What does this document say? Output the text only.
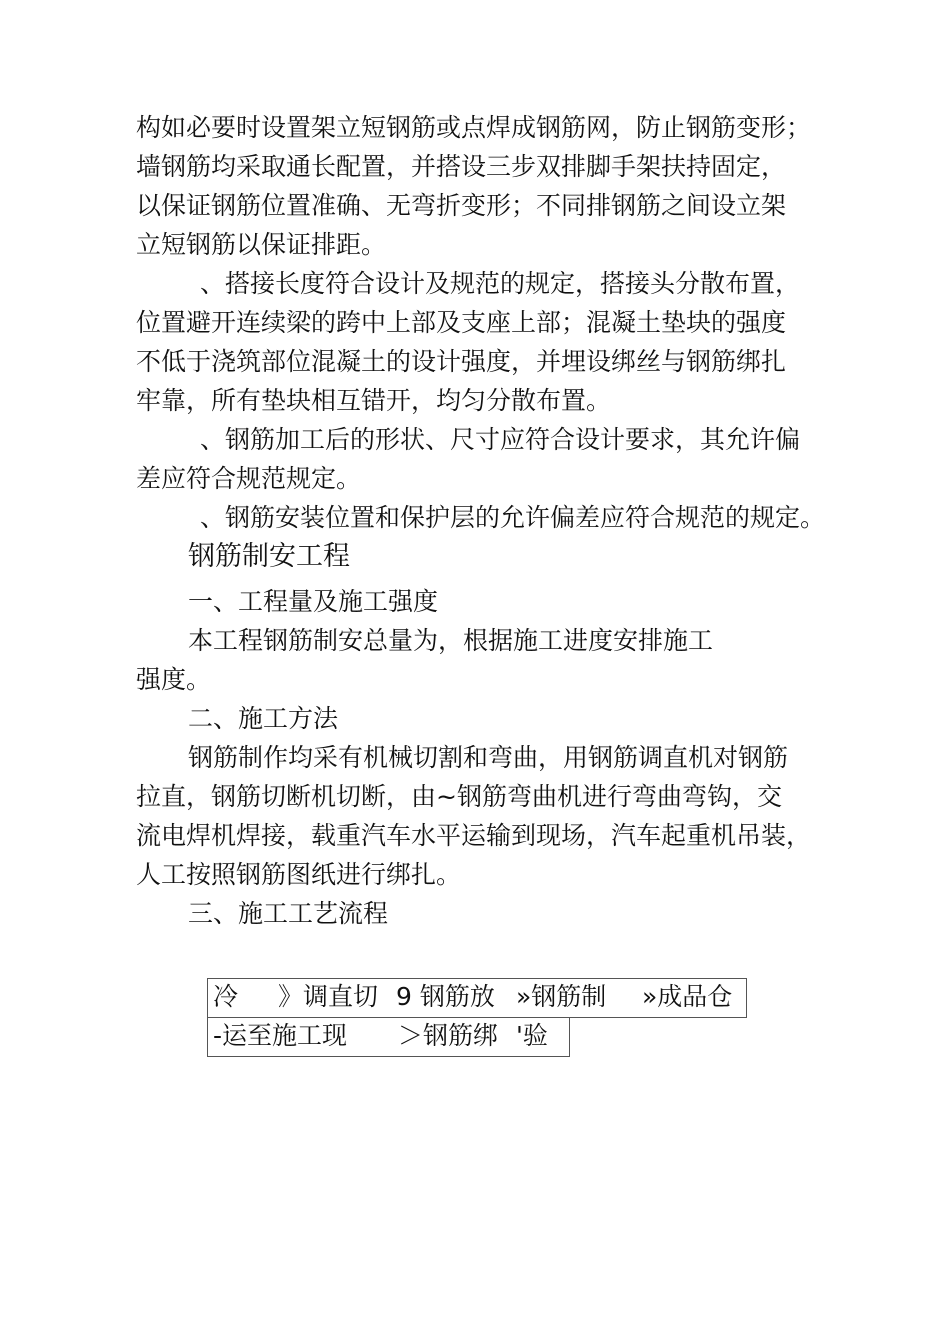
构如必要时设置架立短钢筋或点焊成钢筋网，防止钢筋变形；

墙钢筋均采取通长配置，并搭设三步双排脚手架扶持固定，

以保证钢筋位置准确、无弯折变形；不同排钢筋之间设立架

立短钢筋以保证排距。

、搭接长度符合设计及规范的规定，搭接头分散布置，

位置避开连续梁的跨中上部及支座上部；混凝土垫块的强度

不低于浇筑部位混凝土的设计强度，并埋设绑丝与钢筋绑扎

牢靠，所有垫块相互错开，均匀分散布置。

、钢筋加工后的形状、尺寸应符合设计要求，其允许偏

差应符合规范规定。

、钢筋安装位置和保护层的允许偏差应符合规范的规定。

钢筋制安工程

一、工程量及施工强度

本工程钢筋制安总量为，根据施工进度安排施工

强度。

二、施工方法

钢筋制作均采有机械切割和弯曲，用钢筋调直机对钢筋

拉直，钢筋切断机切断，由~钢筋弯曲机进行弯曲弯钩，交

流电焊机焊接，载重汽车水平运输到现场，汽车起重机吊装，

人工按照钢筋图纸进行绑扎。

三、施工工艺流程

冷 》调直切 9 钢筋放 »钢筋制 »成品仓
-运至施工现 ＞钢筋绑 '验
